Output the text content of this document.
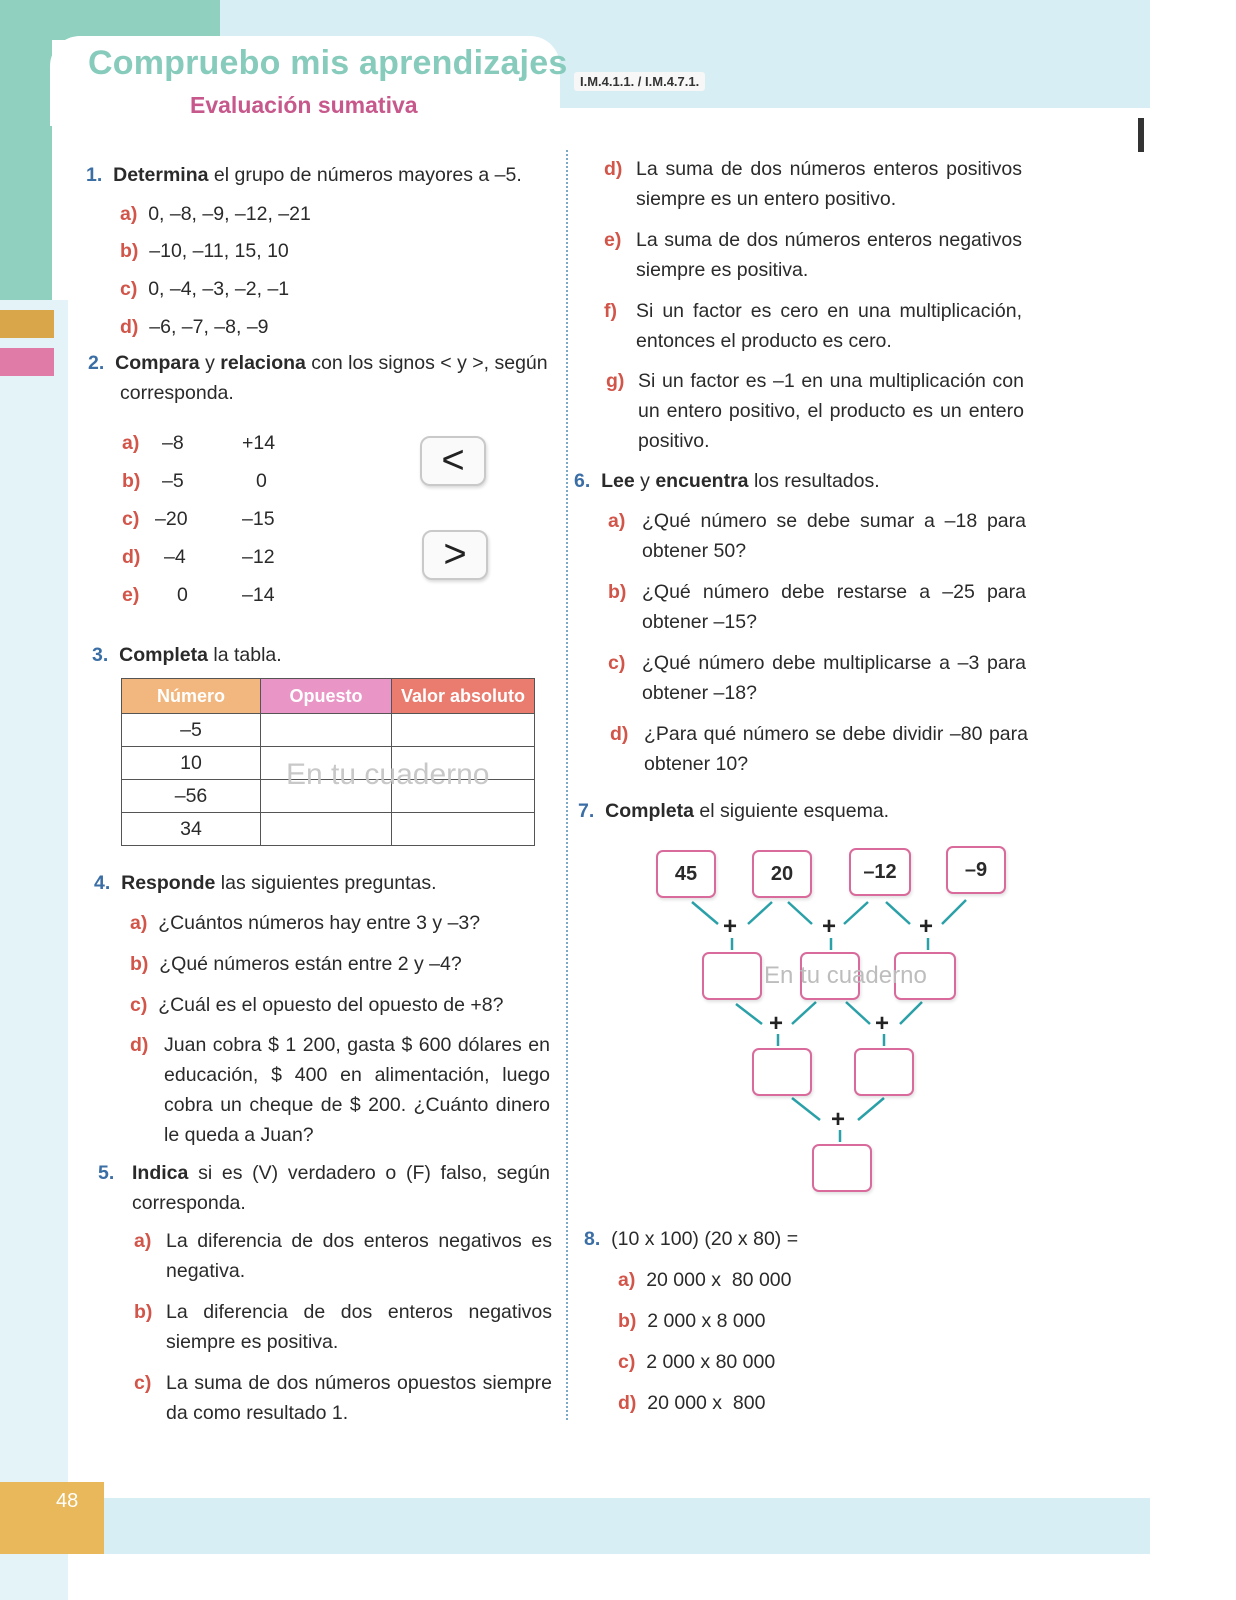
Compruebo mis aprendizajes
Evaluación sumativa
I.M.4.1.1. / I.M.4.7.1.
1. Determina el grupo de números mayores a –5.
a) 0, –8, –9, –12, –21
b) –10, –11, 15, 10
c) 0, –4, –3, –2, –1
d) –6, –7, –8, –9
2. Compara y relaciona con los signos < y >, según
corresponda.
a) –8	+14
b) –5	0
c) –20	–15
d) –4	–12
e) 0	–14
<
>
3. Completa la tabla.
Número	Opuesto	Valor absoluto
–5		
10		
–56		
34		
En tu cuaderno
4. Responde las siguientes preguntas.
a) ¿Cuántos números hay entre 3 y –3?
b) ¿Qué números están entre 2 y –4?
c) ¿Cuál es el opuesto del opuesto de +8?
d) Juan cobra $ 1 200, gasta $ 600 dólares en educación, $ 400 en alimentación, luego cobra un cheque de $ 200. ¿Cuánto dinero le queda a Juan?
5. Indica si es (V) verdadero o (F) falso, según corresponda.
a) La diferencia de dos enteros negativos es negativa.
b) La diferencia de dos enteros negativos siempre es positiva.
c) La suma de dos números opuestos siempre da como resultado 1.
d) La suma de dos números enteros positivos siempre es un entero positivo.
e) La suma de dos números enteros negativos siempre es positiva.
f) Si un factor es cero en una multiplicación, entonces el producto es cero.
g) Si un factor es –1 en una multiplicación con un entero positivo, el producto es un entero positivo.
6. Lee y encuentra los resultados.
a) ¿Qué número se debe sumar a –18 para obtener 50?
b) ¿Qué número debe restarse a –25 para obtener –15?
c) ¿Qué número debe multiplicarse a –3 para obtener –18?
d) ¿Para qué número se debe dividir –80 para obtener 10?
7. Completa el siguiente esquema.
45	20	–12	–9
+	+	+
+	+
+
En tu cuaderno
8. (10 x 100) (20 x 80) =
a) 20 000 x  80 000
b) 2 000 x 8 000
c) 2 000 x 80 000
d) 20 000 x  800
48
